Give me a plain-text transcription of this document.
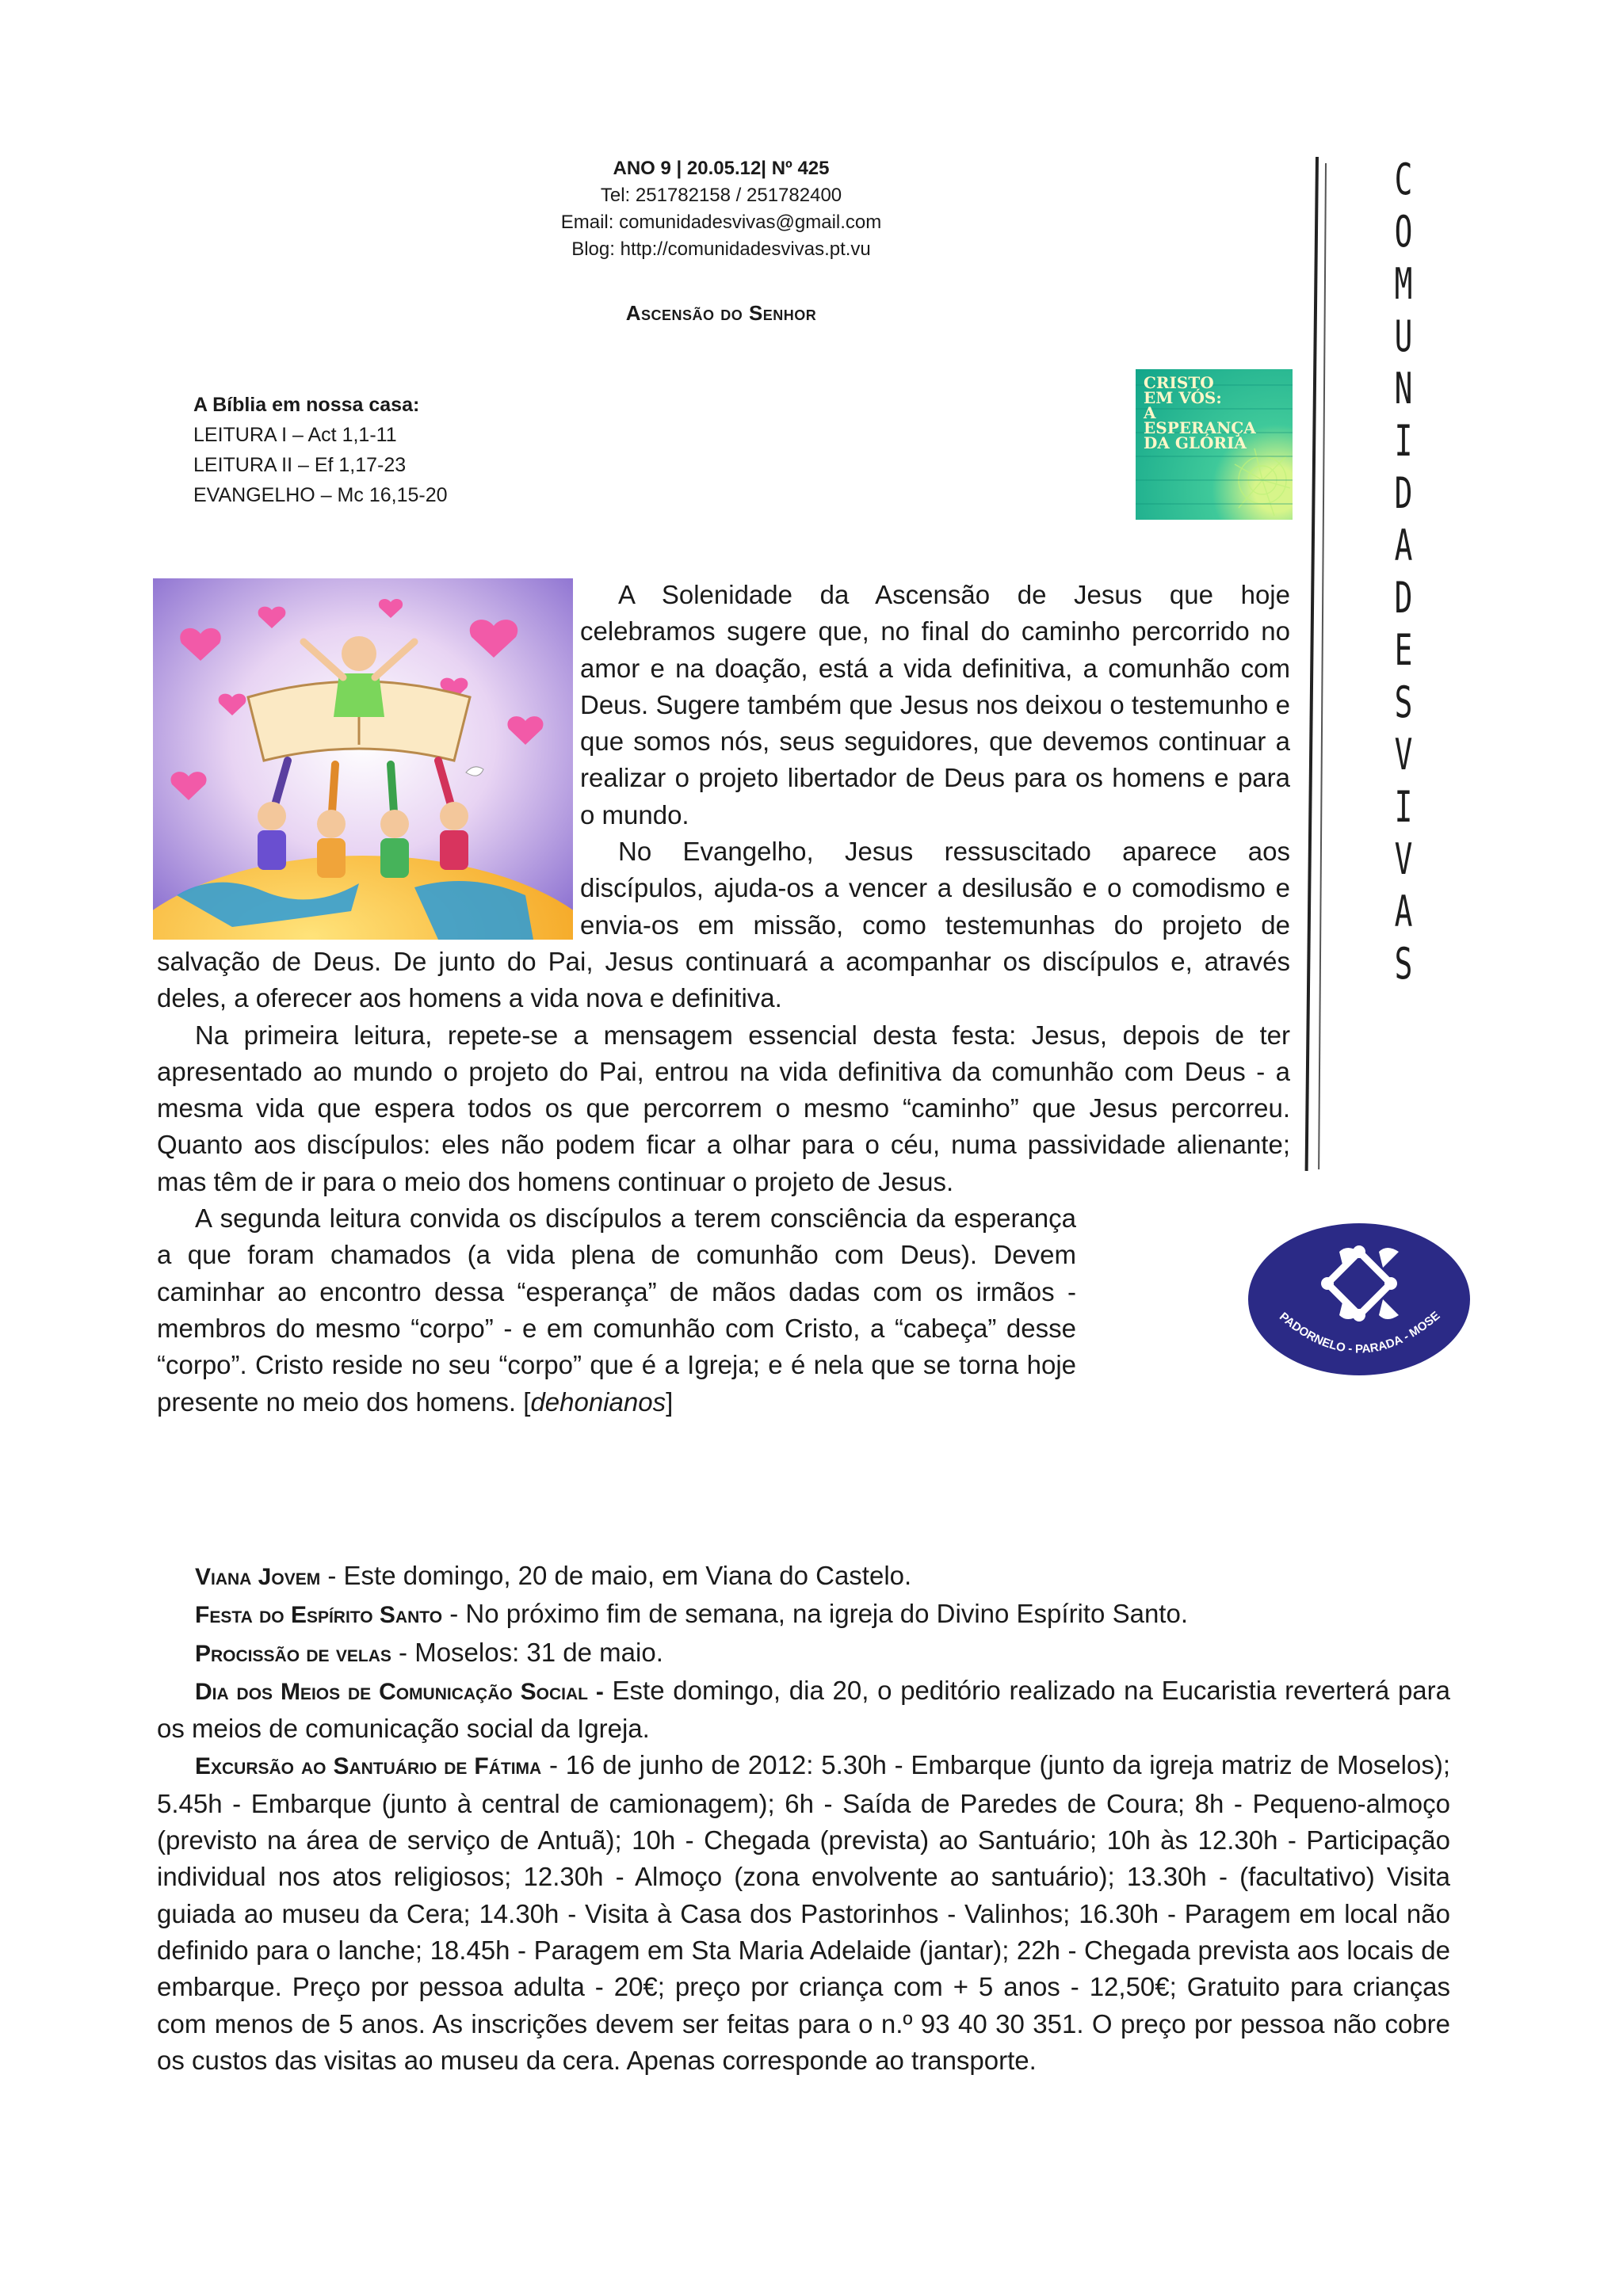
ANO 9 | 20.05.12| Nº 425
Tel: 251782158 / 251782400
Email: comunidadesvivas@gmail.com
Blog: http://comunidadesvivas.pt.vu
Ascensão do Senhor
A Bíblia em nossa casa:
LEITURA I – Act 1,1-11
LEITURA II – Ef 1,17-23
EVANGELHO – Mc 16,15-20
CRISTO
EM VÓS:
A
ESPERANÇA
DA GLÓRIA
C
O
M
U
N
I
D
A
D
E
S
V
I
V
A
S

A Solenidade da Ascensão de Jesus que hoje celebramos sugere que, no final do caminho percorrido no amor e na doação, está a vida definitiva, a comunhão com Deus. Sugere também que Jesus nos deixou o testemunho e que somos nós, seus seguidores, que devemos continuar a realizar o projeto libertador de Deus para os homens e para o mundo.

No Evangelho, Jesus ressuscitado aparece aos discípulos, ajuda-os a vencer a desilusão e o comodismo e envia-os em missão, como testemunhas do projeto de salvação de Deus. De junto do Pai, Jesus continuará a acompanhar os discípulos e, através deles, a oferecer aos homens a vida nova e definitiva.

Na primeira leitura, repete-se a mensagem essencial desta festa: Jesus, depois de ter apresentado ao mundo o projeto do Pai, entrou na vida definitiva da comunhão com Deus - a mesma vida que espera todos os que percorrem o mesmo “caminho” que Jesus percorreu. Quanto aos discípulos: eles não podem ficar a olhar para o céu, numa passividade alienante; mas têm de ir para o meio dos homens continuar o projeto de Jesus.

A segunda leitura convida os discípulos a terem consciência da esperança a que foram chamados (a vida plena de comunhão com Deus). Devem caminhar ao encontro dessa “esperança” de mãos dadas com os irmãos - membros do mesmo “corpo” - e em comunhão com Cristo, a “cabeça” desse “corpo”. Cristo reside no seu “corpo” que é a Igreja; e é nela que se torna hoje presente no meio dos homens. [dehonianos]

PADORNELO - PARADA - MOSE

Viana Jovem - Este domingo, 20 de maio, em Viana do Castelo.

Festa do Espírito Santo - No próximo fim de semana, na igreja do Divino Espírito Santo.

Procissão de velas - Moselos: 31 de maio.

Dia dos Meios de Comunicação Social - Este domingo, dia 20, o peditório realizado na Eucaristia reverterá para os meios de comunicação social da Igreja.

Excursão ao Santuário de Fátima - 16 de junho de 2012: 5.30h - Embarque (junto da igreja matriz de Moselos); 5.45h - Embarque (junto à central de camionagem); 6h - Saída de Paredes de Coura; 8h - Pequeno-almoço (previsto na área de serviço de Antuã); 10h - Chegada (prevista) ao Santuário; 10h às 12.30h - Participação individual nos atos religiosos; 12.30h - Almoço (zona envolvente ao santuário); 13.30h - (facultativo) Visita guiada ao museu da Cera; 14.30h - Visita à Casa dos Pastorinhos - Valinhos; 16.30h - Paragem em local não definido para o lanche; 18.45h - Paragem em Sta Maria Adelaide (jantar); 22h - Chegada prevista aos locais de embarque. Preço por pessoa adulta - 20€; preço por criança com + 5 anos - 12,50€; Gratuito para crianças com menos de 5 anos. As inscrições devem ser feitas para o n.º 93 40 30 351. O preço por pessoa não cobre os custos das visitas ao museu da cera. Apenas corresponde ao transporte.
